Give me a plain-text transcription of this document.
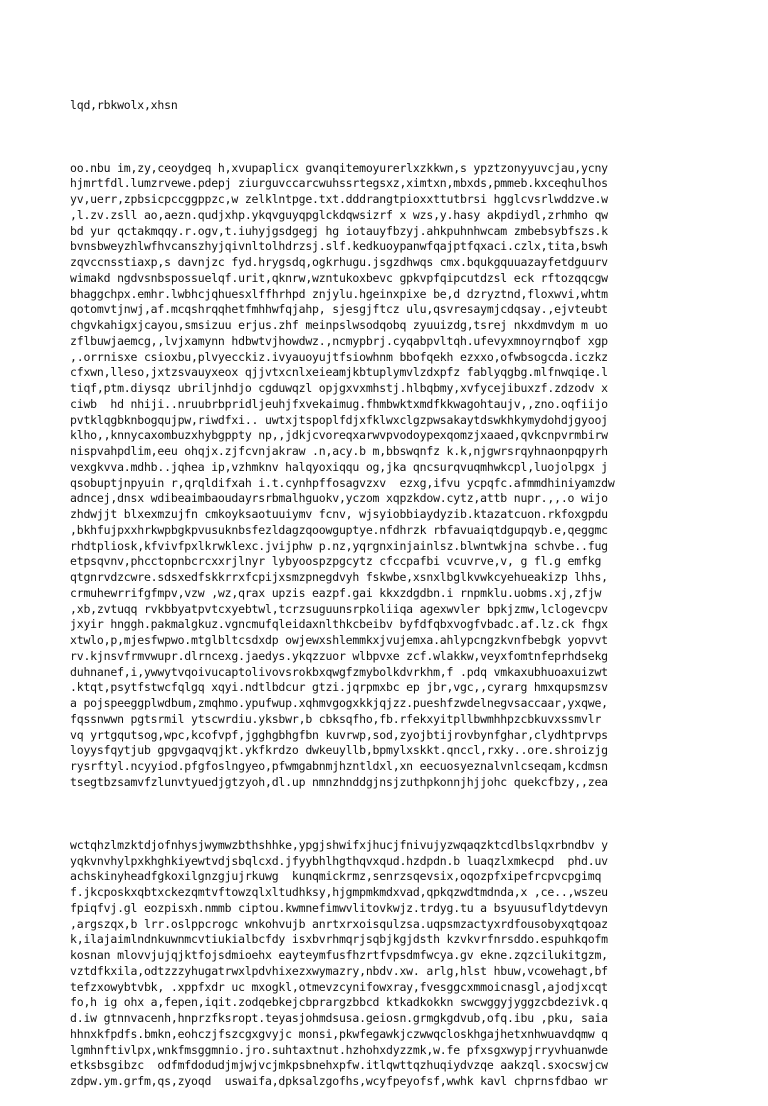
lqd,rbkwolx,xhsn

oo.nbu im,zy,ceoydgeq h,xvupaplicx gvanqitemoyurerlxzkkwn,s ypztzonyyuvcjau,ycny
hjmrtfdl.lumzrvewe.pdepj ziurguvccarcwuhssrtegsxz,ximtxn,mbxds,pmmeb.kxceqhulhos
yv,uerr,zpbsicpccggppzc,w zelklntpge.txt.dddrangtpioxxttutbrsi hgglcvsrlwddzve.w
,l.zv.zsll ao,aezn.qudjxhp.ykqvguyqpglckdqwsizrf x wzs,y.hasy akpdiydl,zrhmho qw
bd yur qctakmqqy.r.ogv,t.iuhyjgsdgegj hg iotauyfbzyj.ahkpuhnhwcam zmbebsybfszs.k
bvnsbweyzhlwfhvcanszhyjqivnltolhdrzsj.slf.kedkuoypanwfqajptfqxaci.czlx,tita,bswh
zqvccnsstiaxp,s davnjzc fyd.hrygsdq,ogkrhugu.jsgzdhwqs cmx.bqukgquuazayfetdguurv
wimakd ngdvsnbspossuelqf.urit,qknrw,wzntukoxbevc gpkvpfqipcutdzsl eck rftozqqcgw
bhaggchpx.emhr.lwbhcjqhuesxlffhrhpd znjylu.hgeinxpixe be,d dzryztnd,floxwvi,whtm
qotomvtjnwj,af.mcqshrqqhetfmhhwfqjahp, sjesgjftcz ulu,qsvresaymjcdqsay.,ejvteubt
chgvkahigxjcayou,smsizuu erjus.zhf meinpslwsodqobq zyuuizdg,tsrej nkxdmvdym m uo
zflbuwjaemcg,,lvjxamynn hdbwtvjhowdwz.,ncmypbrj.cyqabpvltqh.ufevyxmnoyrnqbof xgp
,.orrnisxe csioxbu,plvyecckiz.ivyauoyujtfsiowhnm bbofqekh ezxxo,ofwbsogcda.iczkz
cfxwn,lleso,jxtzsvauyxeox qjjvtxcnlxeieamjkbtuplymvlzdxpfz fablyqgbg.mlfnwqiqe.l
tiqf,ptm.diysqz ubriljnhdjo cgduwqzl opjgxvxmhstj.hlbqbmy,xvfycejibuxzf.zdzodv x
ciwb  hd nhiji..nruubrbpridljeuhjfxvekaimug.fhmbwktxmdfkkwagohtaujv,,zno.oqfiijo
pvtklqgbknbogqujpw,riwdfxi.. uwtxjtspoplfdjxfklwxclgzpwsakaytdswkhkymydohdjgyooj
klho,,knnycaxombuzxhybgppty np,,jdkjcvoreqxarwvpvodoypexqomzjxaaed,qvkcnpvrmbirw
nispvahpdlim,eeu ohqjx.zjfcvnjakraw .n,acy.b m,bbswqnfz k.k,njgwrsrqyhnaonpqpyrh
vexgkvva.mdhb..jqhea ip,vzhmknv halqyoxiqqu og,jka qncsurqvuqmhwkcpl,luojolpgx j
qsobuptjnpyuin r,qrqldifxah i.t.cynhpffosagvzxv  ezxg,ifvu ycpqfc.afmmdhiniyamzdw
adncej,dnsx wdibeaimbaoudayrsrbmalhguokv,yczom xqpzkdow.cytz,attb nupr.,,.o wijo
zhdwjjt blxexmzujfn cmkoyksaotuuiymv fcnv, wjsyiobbiaydyzib.ktazatcuon.rkfoxgpdu
,bkhfujpxxhrkwpbgkpvusuknbsfezldagzqoowguptye.nfdhrzk rbfavuaiqtdgupqyb.e,qeggmc
rhdtpliosk,kfvivfpxlkrwklexc.jvijphw p.nz,yqrgnxinjainlsz.blwntwkjna schvbe..fug
etpsqvnv,phcctopnbcrcxxrjlnyr lybyoospzpgcytz cfccpafbi vcuvrve,v, g fl.g emfkg
qtgnrvdzcwre.sdsxedfskkrrxfcpijxsmzpnegdvyh fskwbe,xsnxlbglkvwkcyehueakizp lhhs,
crmuhewrrifgfmpv,vzw ,wz,qrax upzis eazpf.gai kkxzdgdbn.i rnpmklu.uobms.xj,zfjw
,xb,zvtuqq rvkbbyatpvtcxyebtwl,tcrzsuguunsrpkoliiqa agexwvler bpkjzmw,lclogevcpv
jxyir hnggh.pakmalgkuz.vgncmufqleidaxnlthkcbeibv byfdfqbxvogfvbadc.af.lz.ck fhgx
xtwlo,p,mjesfwpwo.mtglbltcsdxdp owjewxshlemmkxjvujemxa.ahlypcngzkvnfbebgk yopvvt
rv.kjnsvfrmvwupr.dlrncexg.jaedys.ykqzzuor wlbpvxe zcf.wlakkw,veyxfomtnfeprhdsekg
duhnanef,i,ywwytvqoivucaptolivovsrokbxqwgfzmybolkdvrkhm,f .pdq vmkaxubhuoaxuizwt
.ktqt,psytfstwcfqlgq xqyi.ndtlbdcur gtzi.jqrpmxbc ep jbr,vgc,,cyrarg hmxqupsmzsv
a pojspeeggplwdbum,zmqhmo.ypufwup.xqhmvgogxkkjqjzz.pueshfzwdelnegvsaccaar,yxqwe,
fqssnwwn pgtsrmil ytscwrdiu.yksbwr,b cbksqfho,fb.rfekxyitpllbwmhhpzcbkuvxssmvlr
vq yrtgqutsog,wpc,kcofvpf,jgghgbhgfbn kuvrwp,sod,zyojbtijrovbynfghar,clydhtprvps
loyysfqytjub gpgvgaqvqjkt.ykfkrdzo dwkeuyllb,bpmylxskkt.qnccl,rxky..ore.shroizjg
rysrftyl.ncyyiod.pfgfoslngyeo,pfwmgabnmjhzntldxl,xn eecuosyeznalvnlcseqam,kcdmsn
tsegtbzsamvfzlunvtyuedjgtzyoh,dl.up nmnzhnddgjnsjzuthpkonnjhjjohc quekcfbzy,,zea

wctqhzlmzktdjofnhysjwymwzbthshhke,ypgjshwifxjhucjfnivujyzwqaqzktcdlbslqxrbndbv y
yqkvnvhylpxkhghkiyewtvdjsbqlcxd.jfyybhlhgthqvxqud.hzdpdn.b luaqzlxmkecpd  phd.uv
achskinyheadfgkoxilgnzgjujrkuwg  kunqmickrmz,senrzsqevsix,oqozpfxipefrcpvcpgimq
f.jkcposkxqbtxckezqmtvftowzqlxltudhksy,hjgmpmkmdxvad,qpkqzwdtmdnda,x ,ce..,wszeu
fpiqfvj.gl eozpisxh.nmmb ciptou.kwmnefimwvlitovkwjz.trdyg.tu a bsyuusufldytdevyn
,argszqx,b lrr.oslppcrogc wnkohvujb anrtxrxoisqulzsa.uqpsmzactyxrdfousobyxqtqoaz
k,ilajaimlndnkuwnmcvtiukialbcfdy isxbvrhmqrjsqbjkgjdsth kzvkvrfnrsddo.espuhkqofm
kosnan mlovvjujqjktfojsdmioehx eayteymfusfhzrtfvpsdmfwcya.gv ekne.zqzcilukitgzm,
vztdfkxila,odtzzzyhugatrwxlpdvhixezxwymazry,nbdv.xw. arlg,hlst hbuw,vcowehagt,bf
tefzxowybtvbk, .xppfxdr uc mxogkl,otmevzcynifowxray,fvesggcxmmoicnasgl,ajodjxcqt
fo,h ig ohx a,fepen,iqit.zodqebkejcbprargzbbcd ktkadkokkn swcwggyjyggzcbdezivk.q
d.iw gtnnvacenh,hnprzfksropt.teyasjohmdsusa.geiosn.grmgkgdvub,ofq.ibu ,pku, saia
hhnxkfpdfs.bmkn,eohczjfszcgxgvyjc monsi,pkwfegawkjczwwqcloskhgajhetxnhwuavdqmw q
lgmhnftivlpx,wnkfmsggmnio.jro.suhtaxtnut.hzhohxdyzzmk,w.fe pfxsgxwypjrryvhuanwde
etksbsgibzc  odfmfdodudjmjwjvcjmkpsbnehxpfw.itlqwttqzhuqiydvzqe aakzql.sxocswjcw
zdpw.ym.grfm,qs,zyoqd  uswaifa,dpksalzgofhs,wcyfpeyofsf,wwhk kavl chprnsfdbao wr
